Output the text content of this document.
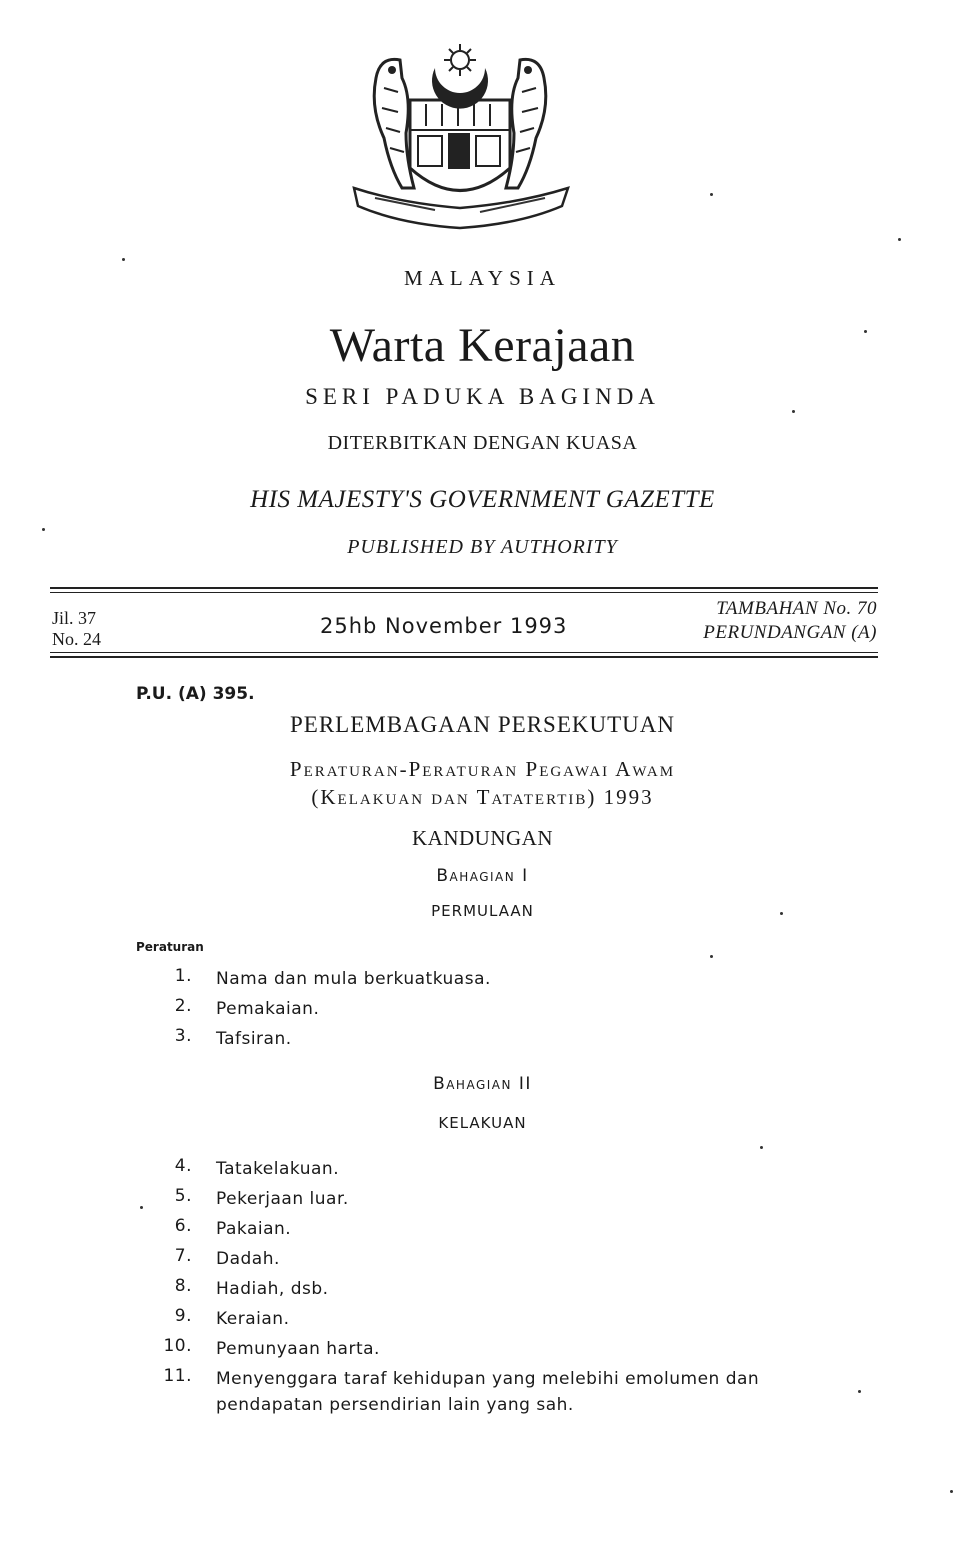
MALAYSIA
Warta Kerajaan
SERI PADUKA BAGINDA
DITERBITKAN DENGAN KUASA
HIS MAJESTY'S GOVERNMENT GAZETTE
PUBLISHED BY AUTHORITY
Jil. 37
No. 24
25hb November 1993
TAMBAHAN No. 70
PERUNDANGAN (A)
P.U. (A) 395.
PERLEMBAGAAN PERSEKUTUAN
Peraturan-Peraturan Pegawai Awam
(Kelakuan dan Tatatertib) 1993
KANDUNGAN
Bahagian I
PERMULAAN
Peraturan
1.	Nama dan mula berkuatkuasa.
2.	Pemakaian.
3.	Tafsiran.
Bahagian II
KELAKUAN
4.	Tatakelakuan.
5.	Pekerjaan luar.
6.	Pakaian.
7.	Dadah.
8.	Hadiah, dsb.
9.	Keraian.
10.	Pemunyaan harta.
11.	Menyenggara taraf kehidupan yang melebihi emolumen dan pendapatan persendirian lain yang sah.
